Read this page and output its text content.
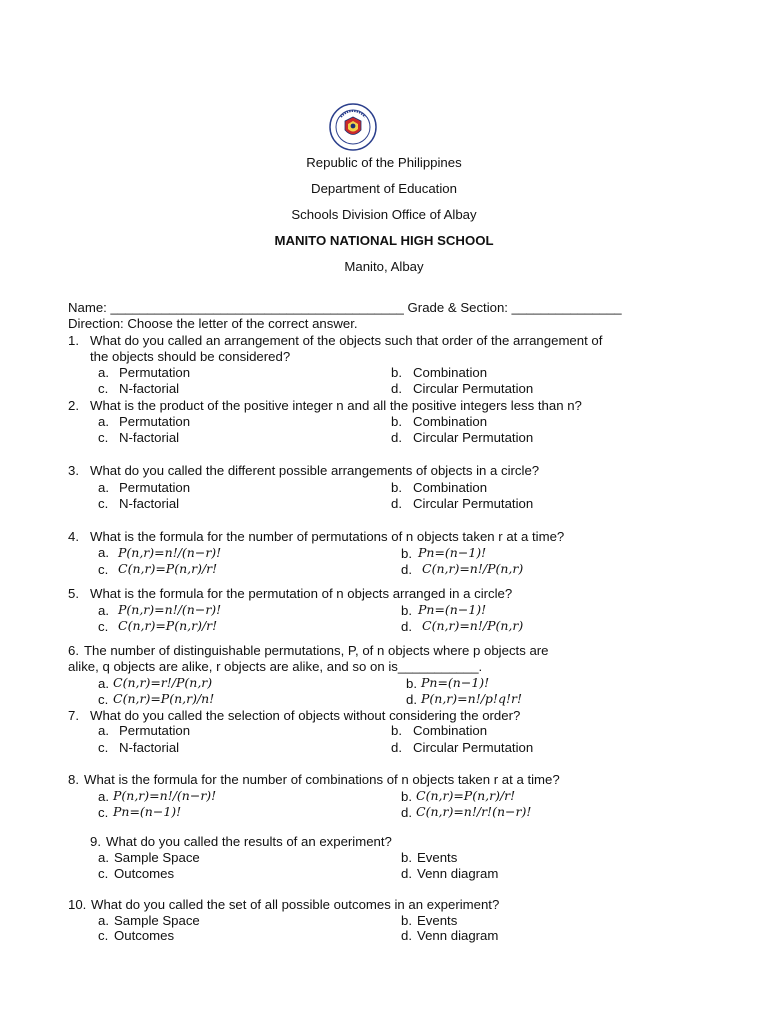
Republic of the Philippines
Department of Education
Schools Division Office of Albay
MANITO NATIONAL HIGH SCHOOL
Manito, Albay
Name: ________________________________________ Grade & Section: _______________
Direction: Choose the letter of the correct answer.
1. What do you called an arrangement of the objects such that order of the arrangement of
the objects should be considered?
a. Permutation	b. Combination
c. N-factorial	d. Circular Permutation
2. What is the product of the positive integer n and all the positive integers less than n?
a. Permutation	b. Combination
c. N-factorial	d. Circular Permutation
3. What do you called the different possible arrangements of objects in a circle?
a. Permutation	b. Combination
c. N-factorial	d. Circular Permutation
4. What is the formula for the number of permutations of n objects taken r at a time?
a. P(n,r)=n!/(n−r)!	b. Pn=(n−1)!
c. C(n,r)=P(n,r)/r!	d. C(n,r)=n!/P(n,r)
5. What is the formula for the permutation of n objects arranged in a circle?
a. P(n,r)=n!/(n−r)!	b. Pn=(n−1)!
c. C(n,r)=P(n,r)/r!	d. C(n,r)=n!/P(n,r)
6. The number of distinguishable permutations, P, of n objects where p objects are
alike, q objects are alike, r objects are alike, and so on is___________.
a. C(n,r)=r!/P(n,r)	b. Pn=(n−1)!
c. C(n,r)=P(n,r)/n!	d. P(n,r)=n!/p!q!r!
7. What do you called the selection of objects without considering the order?
a. Permutation	b. Combination
c. N-factorial	d. Circular Permutation
8. What is the formula for the number of combinations of n objects taken r at a time?
a. P(n,r)=n!/(n−r)!	b. C(n,r)=P(n,r)/r!
c. Pn=(n−1)!	d. C(n,r)=n!/r!(n−r)!
9. What do you called the results of an experiment?
a. Sample Space	b. Events
c. Outcomes	d. Venn diagram
10. What do you called the set of all possible outcomes in an experiment?
a. Sample Space	b. Events
c. Outcomes	d. Venn diagram
